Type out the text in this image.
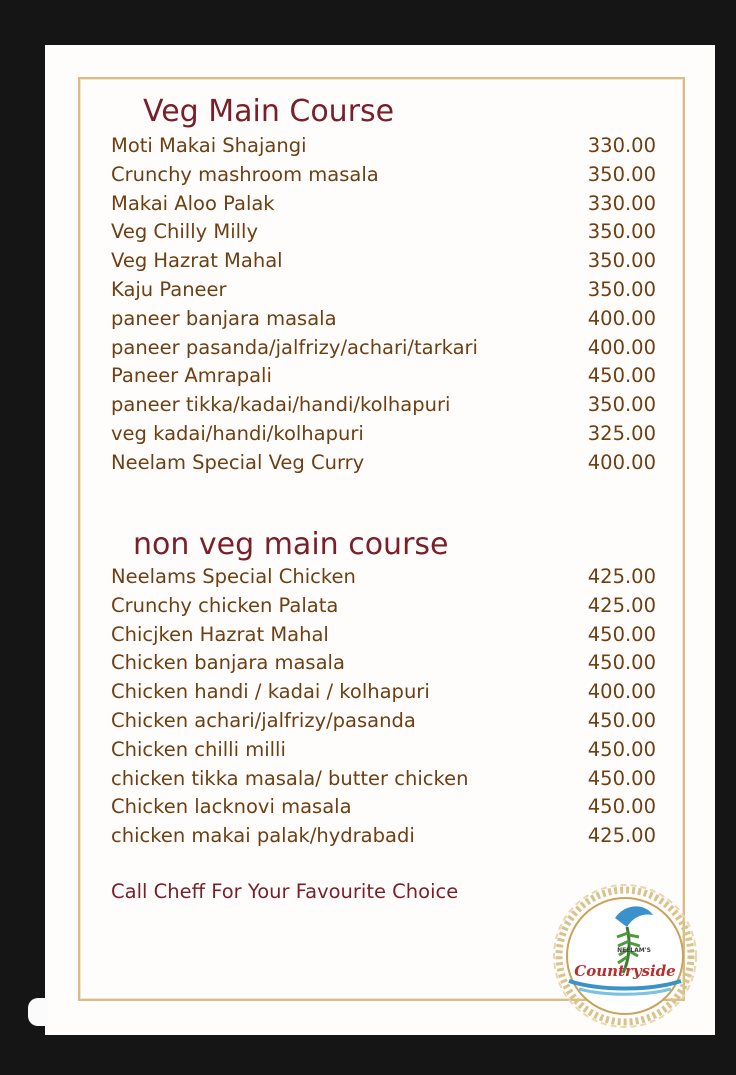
Veg Main Course
Moti Makai Shajangi	330.00
Crunchy mashroom masala	350.00
Makai Aloo Palak	330.00
Veg Chilly Milly	350.00
Veg Hazrat Mahal	350.00
Kaju Paneer	350.00
paneer banjara masala	400.00
paneer pasanda/jalfrizy/achari/tarkari	400.00
Paneer Amrapali	450.00
paneer tikka/kadai/handi/kolhapuri	350.00
veg kadai/handi/kolhapuri	325.00
Neelam Special Veg Curry	400.00
non veg main course
Neelams Special Chicken	425.00
Crunchy chicken Palata	425.00
Chicjken Hazrat Mahal	450.00
Chicken banjara masala	450.00
Chicken handi / kadai / kolhapuri	400.00
Chicken achari/jalfrizy/pasanda	450.00
Chicken chilli milli	450.00
chicken tikka masala/ butter chicken	450.00
Chicken lacknovi masala	450.00
chicken makai palak/hydrabadi	425.00
Call Cheff For Your Favourite Choice
NEELAM'S
Countryside
